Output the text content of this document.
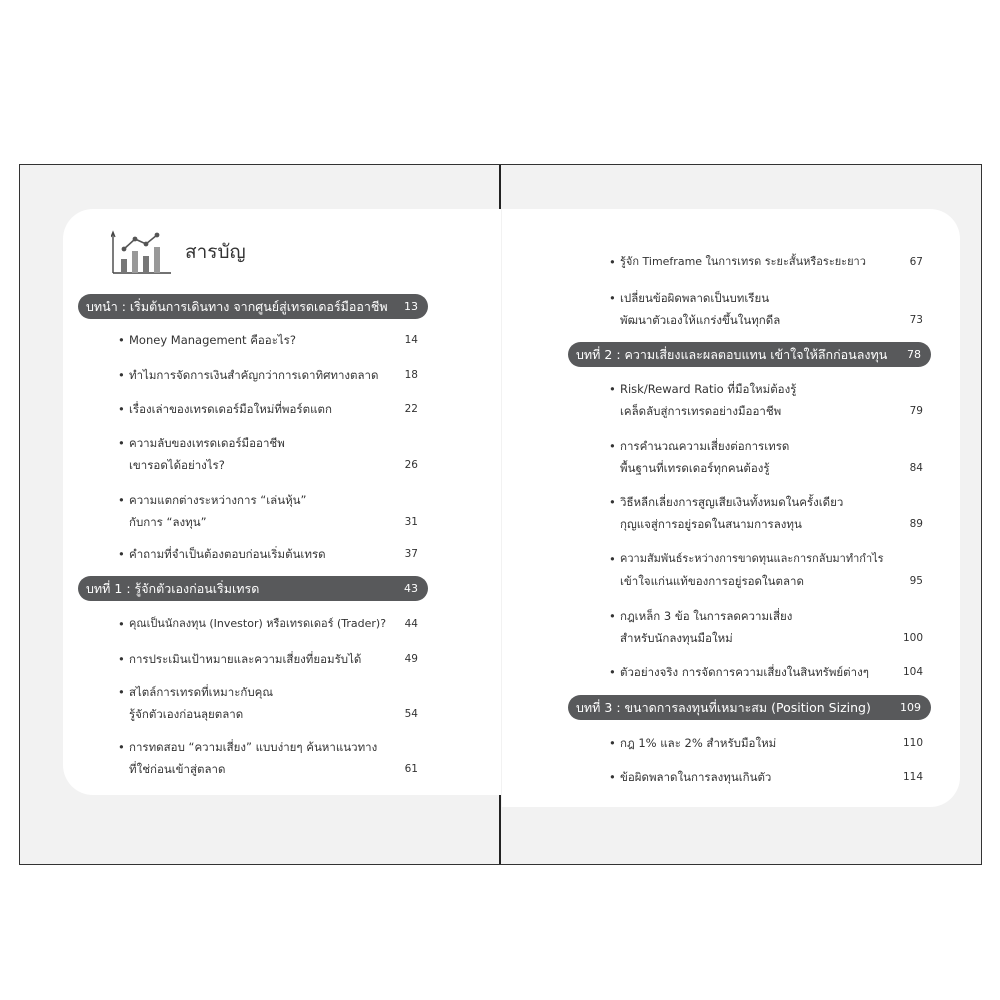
สารบัญ
บทนำ : เริ่มต้นการเดินทาง จากศูนย์สู่เทรดเดอร์มืออาชีพ 13
• Money Management คืออะไร?	14
• ทำไมการจัดการเงินสำคัญกว่าการเดาทิศทางตลาด	18
• เรื่องเล่าของเทรดเดอร์มือใหม่ที่พอร์ตแตก	22
• ความลับของเทรดเดอร์มืออาชีพ
เขารอดได้อย่างไร?	26
• ความแตกต่างระหว่างการ “เล่นหุ้น”
กับการ “ลงทุน”	31
• คำถามที่จำเป็นต้องตอบก่อนเริ่มต้นเทรด	37
บทที่ 1 : รู้จักตัวเองก่อนเริ่มเทรด	43
• คุณเป็นนักลงทุน (Investor) หรือเทรดเดอร์ (Trader)?	44
• การประเมินเป้าหมายและความเสี่ยงที่ยอมรับได้	49
• สไตล์การเทรดที่เหมาะกับคุณ
รู้จักตัวเองก่อนลุยตลาด	54
• การทดสอบ “ความเสี่ยง” แบบง่ายๆ ค้นหาแนวทาง
ที่ใช่ก่อนเข้าสู่ตลาด	61
• รู้จัก Timeframe ในการเทรด ระยะสั้นหรือระยะยาว	67
• เปลี่ยนข้อผิดพลาดเป็นบทเรียน
พัฒนาตัวเองให้แกร่งขึ้นในทุกดีล	73
บทที่ 2 : ความเสี่ยงและผลตอบแทน เข้าใจให้ลึกก่อนลงทุน 78
• Risk/Reward Ratio ที่มือใหม่ต้องรู้
เคล็ดลับสู่การเทรดอย่างมืออาชีพ	79
• การคำนวณความเสี่ยงต่อการเทรด
พื้นฐานที่เทรดเดอร์ทุกคนต้องรู้	84
• วิธีหลีกเลี่ยงการสูญเสียเงินทั้งหมดในครั้งเดียว
กุญแจสู่การอยู่รอดในสนามการลงทุน	89
• ความสัมพันธ์ระหว่างการขาดทุนและการกลับมาทำกำไร
เข้าใจแก่นแท้ของการอยู่รอดในตลาด	95
• กฎเหล็ก 3 ข้อ ในการลดความเสี่ยง
สำหรับนักลงทุนมือใหม่	100
• ตัวอย่างจริง การจัดการความเสี่ยงในสินทรัพย์ต่างๆ	104
บทที่ 3 : ขนาดการลงทุนที่เหมาะสม (Position Sizing)	109
• กฎ 1% และ 2% สำหรับมือใหม่	110
• ข้อผิดพลาดในการลงทุนเกินตัว	114
